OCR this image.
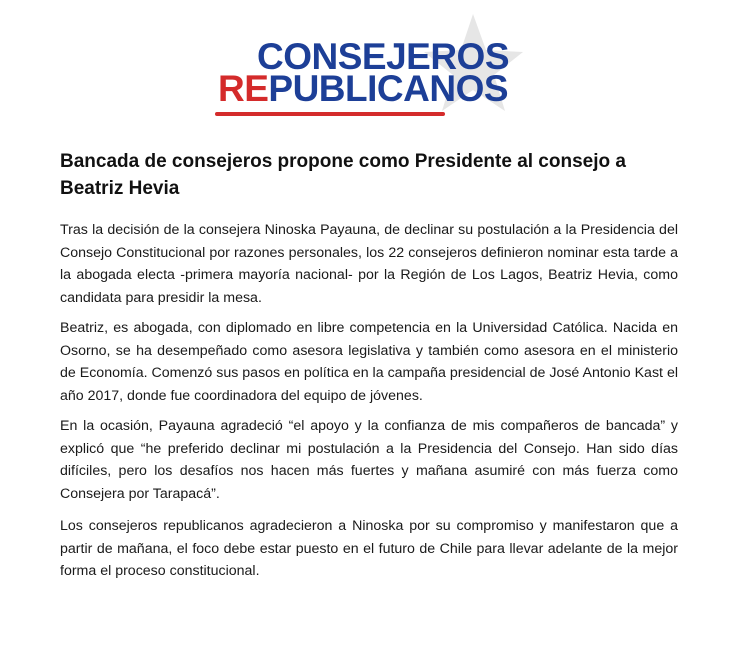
CONSEJEROS
REPUBLICANOS
Bancada de consejeros propone como Presidente al consejo a Beatriz Hevia

Tras la decisión de la consejera Ninoska Payauna, de declinar su postulación a la Presidencia del Consejo Constitucional por razones personales, los 22 consejeros definieron nominar esta tarde a la abogada electa -primera mayoría nacional- por la Región de Los Lagos, Beatriz Hevia, como candidata para presidir la mesa.

Beatriz, es abogada, con diplomado en libre competencia en la Universidad Católica. Nacida en Osorno, se ha desempeñado como asesora legislativa y también como asesora en el ministerio de Economía. Comenzó sus pasos en política en la campaña presidencial de José Antonio Kast el año 2017, donde fue coordinadora del equipo de jóvenes.

En la ocasión, Payauna agradeció “el apoyo y la confianza de mis compañeros de bancada” y explicó que “he preferido declinar mi postulación a la Presidencia del Consejo. Han sido días difíciles, pero los desafíos nos hacen más fuertes y mañana asumiré con más fuerza como Consejera por Tarapacá”.

Los consejeros republicanos agradecieron a Ninoska por su compromiso y manifestaron que a partir de mañana, el foco debe estar puesto en el futuro de Chile para llevar adelante de la mejor forma el proceso constitucional.
